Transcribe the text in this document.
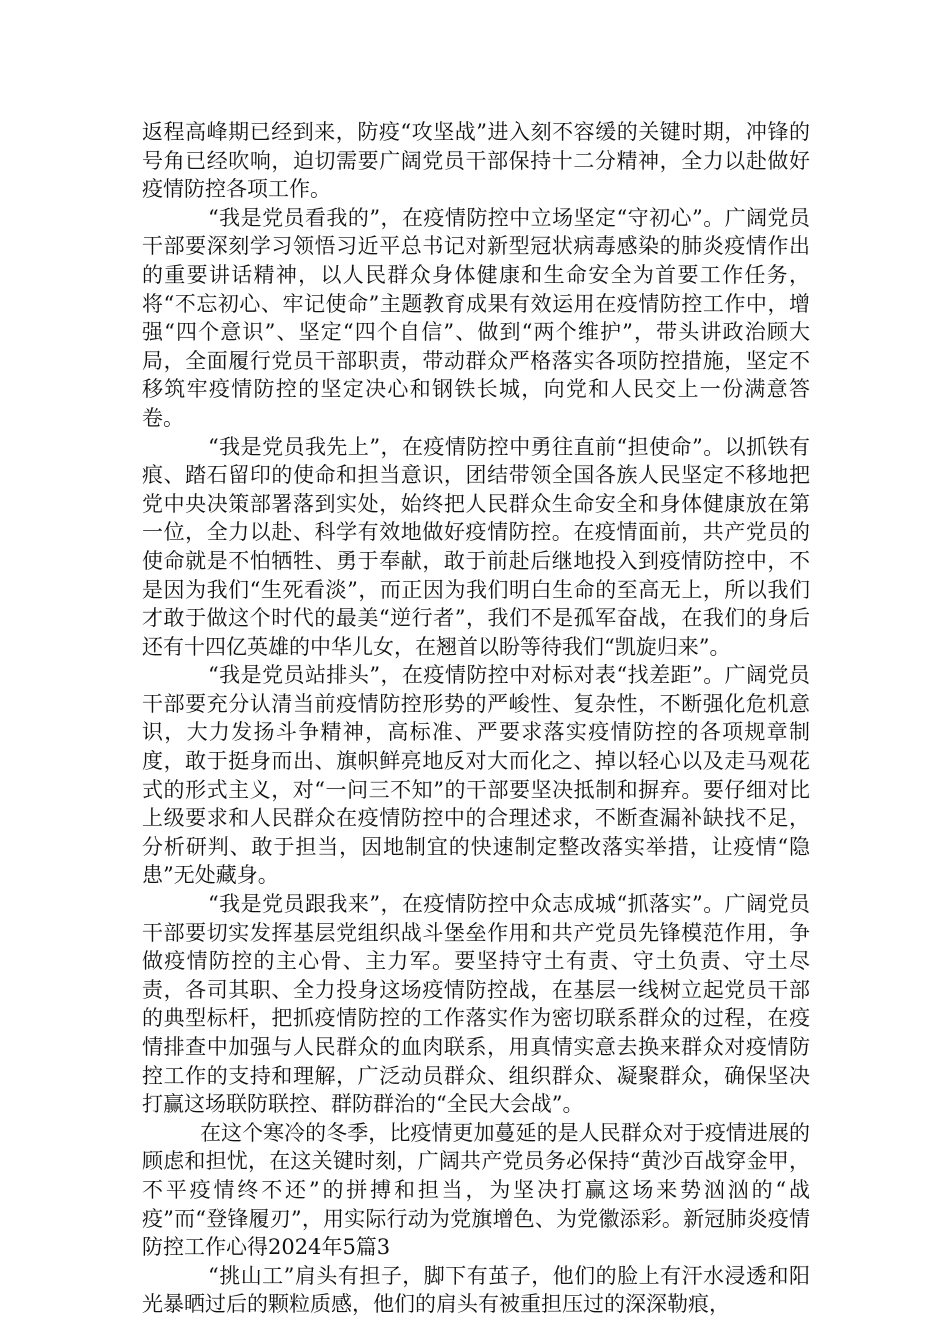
返程高峰期已经到来，防疫“攻坚战”进入刻不容缓的关键时期，冲锋的号角已经吹响，迫切需要广阔党员干部保持十二分精神，全力以赴做好疫情防控各项工作。

“我是党员看我的”，在疫情防控中立场坚定“守初心”。广阔党员干部要深刻学习领悟习近平总书记对新型冠状病毒感染的肺炎疫情作出的重要讲话精神，以人民群众身体健康和生命安全为首要工作任务，将“不忘初心、牢记使命”主题教育成果有效运用在疫情防控工作中，增强“四个意识”、坚定“四个自信”、做到“两个维护”，带头讲政治顾大局，全面履行党员干部职责，带动群众严格落实各项防控措施，坚定不移筑牢疫情防控的坚定决心和钢铁长城，向党和人民交上一份满意答卷。

“我是党员我先上”，在疫情防控中勇往直前“担使命”。以抓铁有痕、踏石留印的使命和担当意识，团结带领全国各族人民坚定不移地把党中央决策部署落到实处，始终把人民群众生命安全和身体健康放在第一位，全力以赴、科学有效地做好疫情防控。在疫情面前，共产党员的使命就是不怕牺牲、勇于奉献，敢于前赴后继地投入到疫情防控中，不是因为我们“生死看淡”，而正因为我们明白生命的至高无上，所以我们才敢于做这个时代的最美“逆行者”，我们不是孤军奋战，在我们的身后还有十四亿英雄的中华儿女，在翘首以盼等待我们“凯旋归来”。

“我是党员站排头”，在疫情防控中对标对表“找差距”。广阔党员干部要充分认清当前疫情防控形势的严峻性、复杂性，不断强化危机意识，大力发扬斗争精神，高标准、严要求落实疫情防控的各项规章制度，敢于挺身而出、旗帜鲜亮地反对大而化之、掉以轻心以及走马观花式的形式主义，对“一问三不知”的干部要坚决抵制和摒弃。要仔细对比上级要求和人民群众在疫情防控中的合理述求，不断查漏补缺找不足，分析研判、敢于担当，因地制宜的快速制定整改落实举措，让疫情“隐患”无处藏身。

“我是党员跟我来”，在疫情防控中众志成城“抓落实”。广阔党员干部要切实发挥基层党组织战斗堡垒作用和共产党员先锋模范作用，争做疫情防控的主心骨、主力军。要坚持守土有责、守土负责、守土尽责，各司其职、全力投身这场疫情防控战，在基层一线树立起党员干部的典型标杆，把抓疫情防控的工作落实作为密切联系群众的过程，在疫情排查中加强与人民群众的血肉联系，用真情实意去换来群众对疫情防控工作的支持和理解，广泛动员群众、组织群众、凝聚群众，确保坚决打赢这场联防联控、群防群治的“全民大会战”。

在这个寒冷的冬季，比疫情更加蔓延的是人民群众对于疫情进展的顾虑和担忧，在这关键时刻，广阔共产党员务必保持“黄沙百战穿金甲，不平疫情终不还”的拼搏和担当，为坚决打赢这场来势汹汹的“战疫”而“登锋履刃”，用实际行动为党旗增色、为党徽添彩。新冠肺炎疫情防控工作心得2024年5篇3

“挑山工”肩头有担子，脚下有茧子，他们的脸上有汗水浸透和阳光暴晒过后的颗粒质感，他们的肩头有被重担压过的深深勒痕，
